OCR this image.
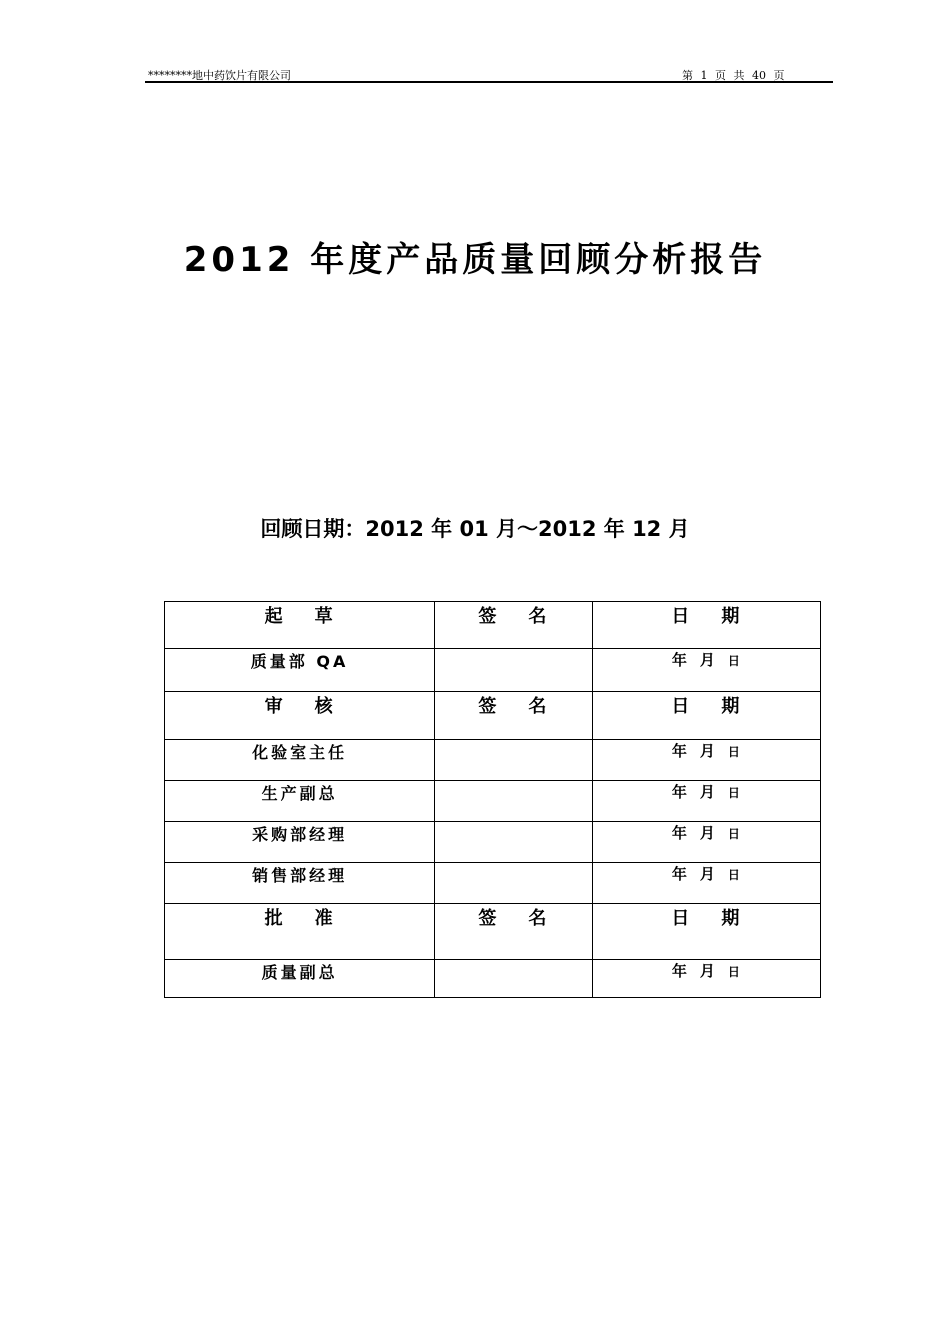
********地中药饮片有限公司	第 1 页 共 40 页
2012 年度产品质量回顾分析报告
回顾日期：2012 年 01 月～2012 年 12 月
起 草	签 名	日 期
质量部 QA		年 月 日
审 核	签 名	日 期
化验室主任		年 月 日
生产副总		年 月 日
采购部经理		年 月 日
销售部经理		年 月 日
批 准	签 名	日 期
质量副总		年 月 日
